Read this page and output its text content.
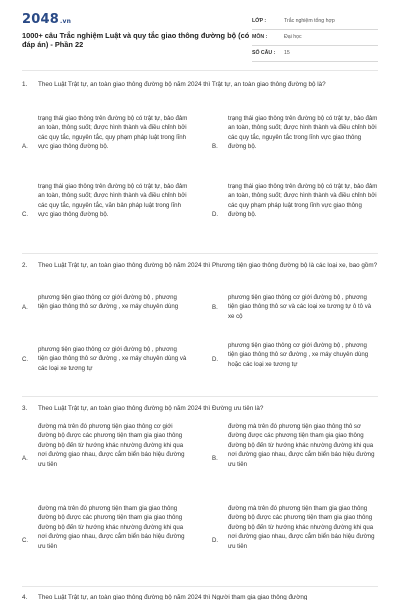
2048.vn
1000+ câu Trắc nghiệm Luật và quy tắc giao thông đường bộ (có đáp án) - Phần 22
LỚP :	Trắc nghiệm tổng hợp
MÔN :	Đại học
SỐ CÂU : 15
1. Theo Luật Trật tự, an toàn giao thông đường bộ năm 2024 thì Trật tự, an toàn giao thông đường bộ là?
A.
trạng thái giao thông trên đường bộ có trật tự, bảo đảm an toàn, thông suốt; được hình thành và điều chỉnh bởi các quy tắc, nguyên tắc, quy phạm pháp luật trong lĩnh vực giao thông đường bộ.	B.
trạng thái giao thông trên đường bộ có trật tự, bảo đảm an toàn, thông suốt; được hình thành và điều chỉnh bởi các quy tắc, nguyên tắc trong lĩnh vực giao thông đường bộ.
C.
trạng thái giao thông trên đường bộ có trật tự, bảo đảm an toàn, thông suốt; được hình thành và điều chỉnh bởi các quy tắc, nguyên tắc, văn bản pháp luật trong lĩnh vực giao thông đường bộ.	D.
trạng thái giao thông trên đường bộ có trật tự, bảo đảm an toàn, thông suốt; được hình thành và điều chỉnh bởi các quy phạm pháp luật trong lĩnh vực giao thông đường bộ.
2. Theo Luật Trật tự, an toàn giao thông đường bộ năm 2024 thì Phương tiện giao thông đường bộ là các loại xe, bao gồm?
A.
phương tiện giao thông cơ giới đường bộ , phương tiện giao thông thô sơ đường , xe máy chuyên dùng	B.
phương tiện giao thông cơ giới đường bộ , phương tiện giao thông thô sơ và các loại xe tương tự ô tô và xe cộ
C.
phương tiện giao thông cơ giới đường bộ , phương tiện giao thông thô sơ đường , xe máy chuyên dùng và các loại xe tương tự
D.
phương tiện giao thông cơ giới đường bộ , phương tiện giao thông thô sơ đường , xe máy chuyên dùng hoặc các loại xe tương tự
3. Theo Luật Trật tự, an toàn giao thông đường bộ năm 2024 thì Đường ưu tiên là?
A.
đường mà trên đó phương tiện giao thông cơ giới đường bộ được các phương tiện tham gia giao thông đường bộ đến từ hướng khác nhường đường khi qua nơi đường giao nhau, được cắm biển báo hiệu đường ưu tiên
B.
đường mà trên đó phương tiện giao thông thô sơ đường được các phương tiện tham gia giao thông đường bộ đến từ hướng khác nhường đường khi qua nơi đường giao nhau, được cắm biển báo hiệu đường ưu tiên
C.
đường mà trên đó phương tiện tham gia giao thông đường bộ được các phương tiện tham gia giao thông đường bộ đến từ hướng khác nhường đường khi qua nơi đường giao nhau, được cắm biển báo hiệu đường ưu tiên
D.
đường mà trên đó phương tiện tham gia giao thông đường bộ được các phương tiện tham gia giao thông đường bộ đến từ hướng khác nhường đường khi qua nơi đường giao nhau, được cắm biển báo hiệu đường ưu tiên
4. Theo Luật Trật tự, an toàn giao thông đường bộ năm 2024 thì Người tham gia giao thông đường
